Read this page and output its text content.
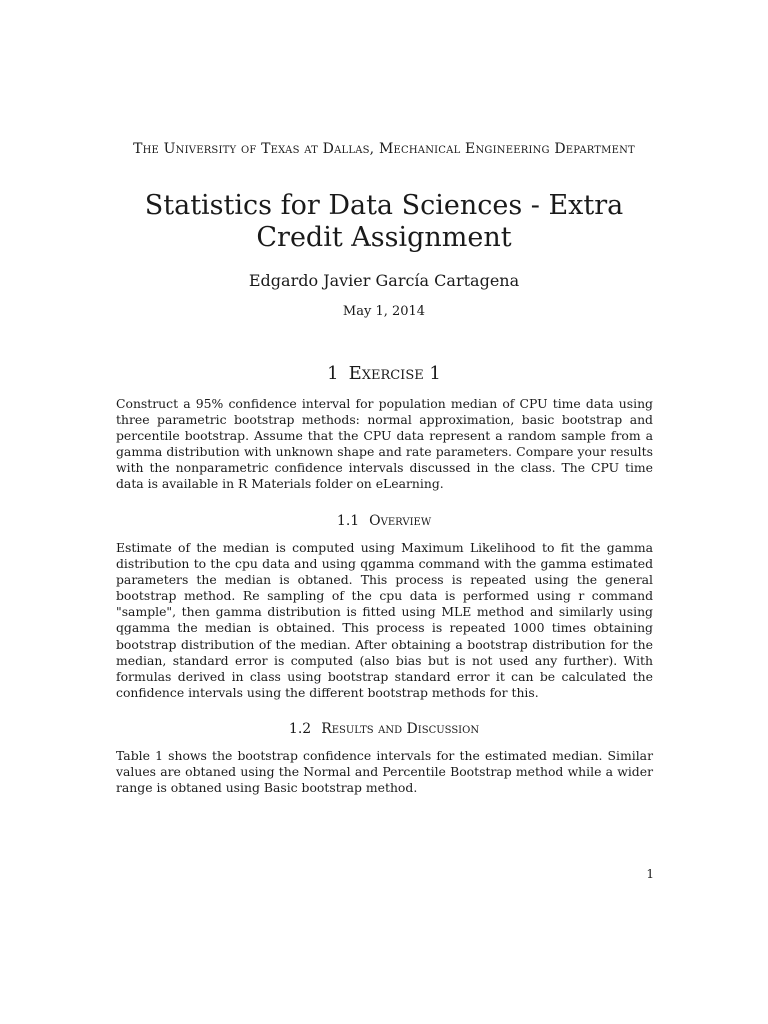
The University of Texas at Dallas, Mechanical Engineering Department
Statistics for Data Sciences - Extra Credit Assignment
Edgardo Javier García Cartagena
May 1, 2014
1 Exercise 1

Construct a 95% confidence interval for population median of CPU time data using three parametric bootstrap methods: normal approximation, basic bootstrap and percentile bootstrap. Assume that the CPU data represent a random sample from a gamma distribution with unknown shape and rate parameters. Compare your results with the nonparametric confidence intervals discussed in the class. The CPU time data is available in R Materials folder on eLearning.

1.1 Overview

Estimate of the median is computed using Maximum Likelihood to fit the gamma distribution to the cpu data and using qgamma command with the gamma estimated parameters the median is obtaned. This process is repeated using the general bootstrap method. Re sampling of the cpu data is performed using r command "sample", then gamma distribution is fitted using MLE method and similarly using qgamma the median is obtained. This process is repeated 1000 times obtaining bootstrap distribution of the median. After obtaining a bootstrap distribution for the median, standard error is computed (also bias but is not used any further). With formulas derived in class using bootstrap standard error it can be calculated the confidence intervals using the different bootstrap methods for this.

1.2 Results and Discussion

Table 1 shows the bootstrap confidence intervals for the estimated median. Similar values are obtaned using the Normal and Percentile Bootstrap method while a wider range is obtaned using Basic bootstrap method.

1
